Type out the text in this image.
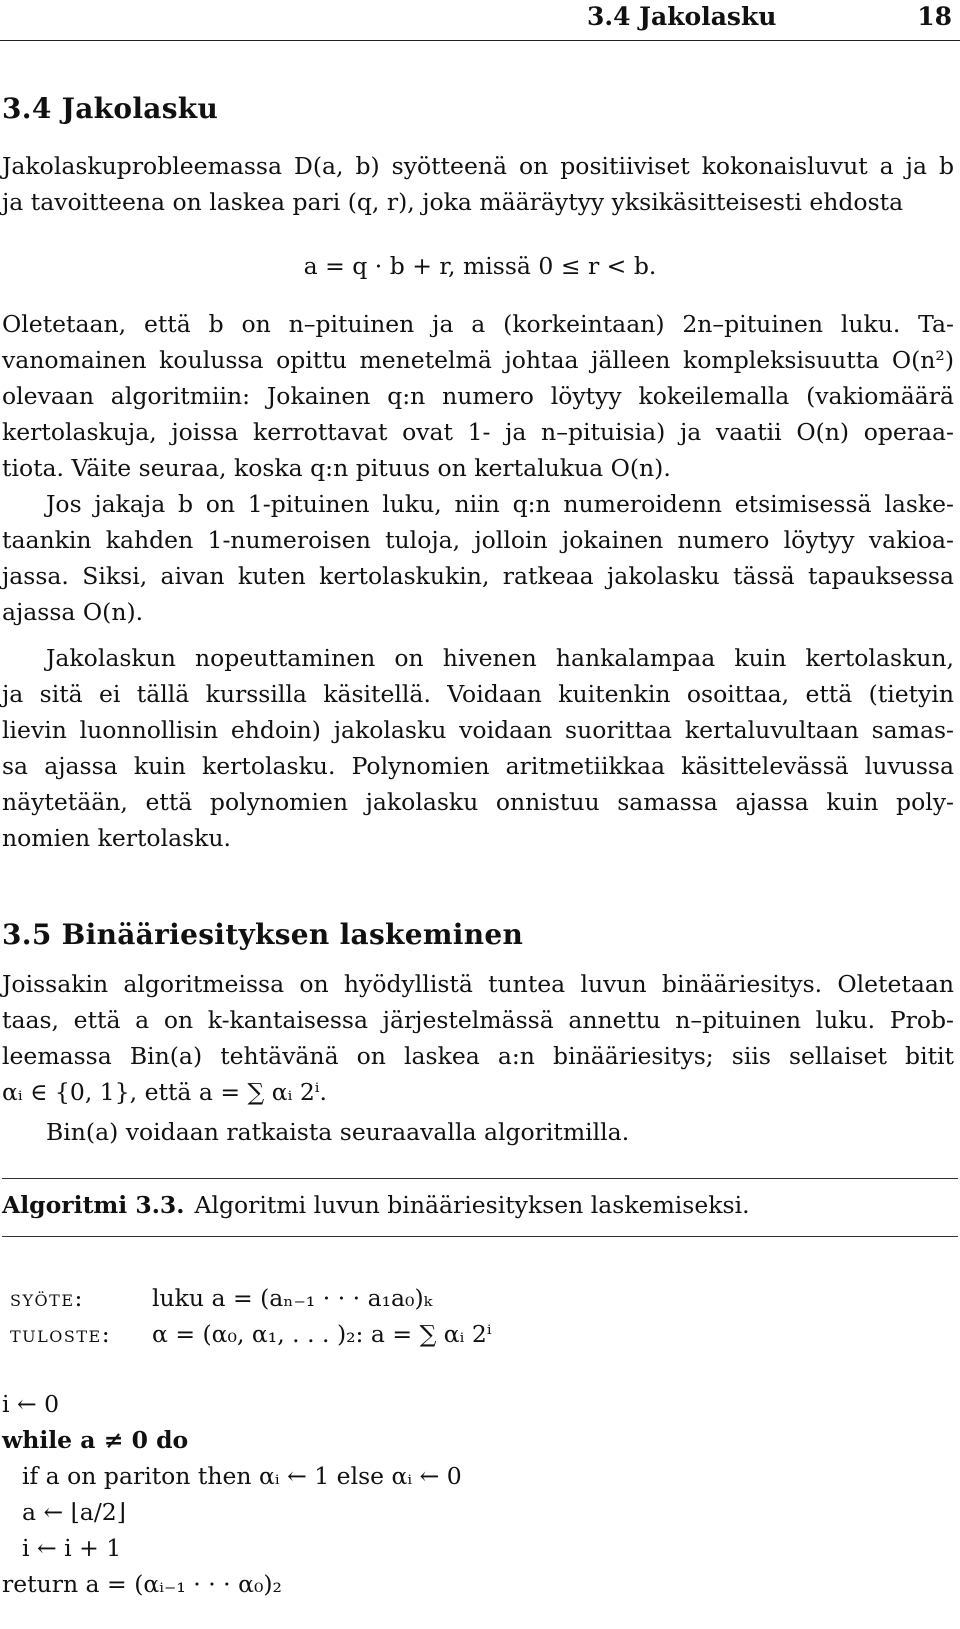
3.4 Jakolasku	18
3.4 Jakolasku
Jakolaskuprobleemassa D(a, b) syötteenä on positiiviset kokonaisluvut a ja b
ja tavoitteena on laskea pari (q, r), joka määräytyy yksikäsitteisesti ehdosta
a = q · b + r, missä 0 ≤ r < b.
Oletetaan, että b on n–pituinen ja a (korkeintaan) 2n–pituinen luku. Ta-
vanomainen koulussa opittu menetelmä johtaa jälleen kompleksisuutta O(n²)
olevaan algoritmiin: Jokainen q:n numero löytyy kokeilemalla (vakiomäärä
kertolaskuja, joissa kerrottavat ovat 1- ja n–pituisia) ja vaatii O(n) operaa-
tiota. Väite seuraa, koska q:n pituus on kertalukua O(n).
Jos jakaja b on 1-pituinen luku, niin q:n numeroidenn etsimisessä laske-
taankin kahden 1-numeroisen tuloja, jolloin jokainen numero löytyy vakioa-
jassa. Siksi, aivan kuten kertolaskukin, ratkeaa jakolasku tässä tapauksessa
ajassa O(n).
Jakolaskun nopeuttaminen on hivenen hankalampaa kuin kertolaskun,
ja sitä ei tällä kurssilla käsitellä. Voidaan kuitenkin osoittaa, että (tietyin
lievin luonnollisin ehdoin) jakolasku voidaan suorittaa kertaluvultaan samas-
sa ajassa kuin kertolasku. Polynomien aritmetiikkaa käsittelevässä luvussa
näytetään, että polynomien jakolasku onnistuu samassa ajassa kuin poly-
nomien kertolasku.
3.5 Binääriesityksen laskeminen
Joissakin algoritmeissa on hyödyllistä tuntea luvun binääriesitys. Oletetaan
taas, että a on k-kantaisessa järjestelmässä annettu n–pituinen luku. Prob-
leemassa Bin(a) tehtävänä on laskea a:n binääriesitys; siis sellaiset bitit
αᵢ ∈ {0, 1}, että a = ∑ αᵢ 2ⁱ.
Bin(a) voidaan ratkaista seuraavalla algoritmilla.
Algoritmi 3.3. Algoritmi luvun binääriesityksen laskemiseksi.
syöte:	luku a = (aₙ₋₁ · · · a₁a₀)ₖ
tuloste: α = (α₀, α₁, . . . )₂: a = ∑ αᵢ 2ⁱ
i ← 0
while a ≠ 0 do
if a on pariton then αᵢ ← 1 else αᵢ ← 0
a ← ⌊a/2⌋
i ← i + 1
return a = (αᵢ₋₁ · · · α₀)₂
